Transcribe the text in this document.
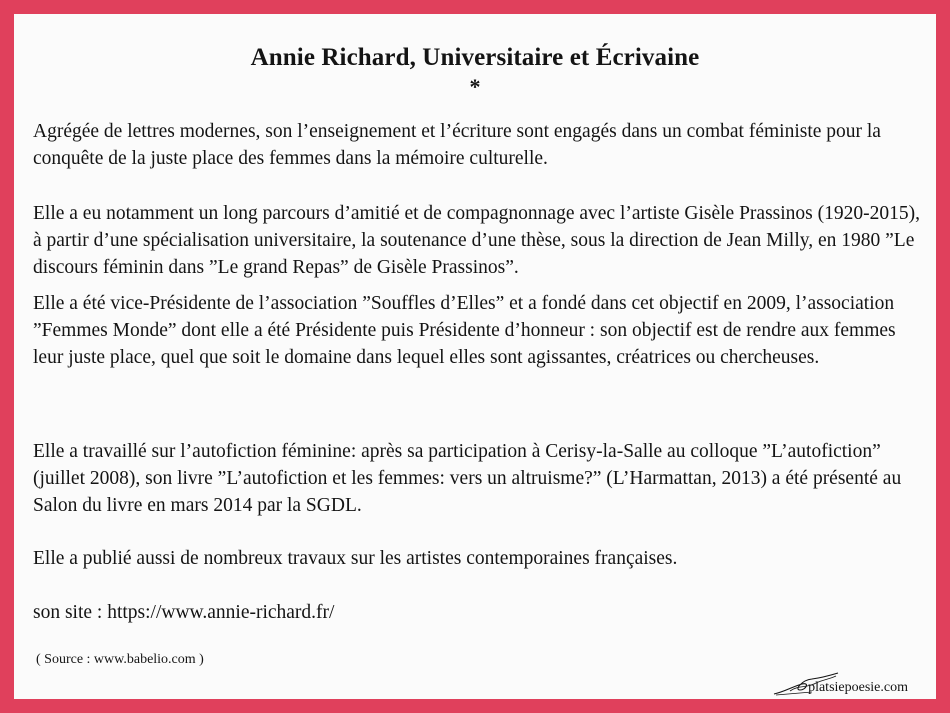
Annie Richard, Universitaire et Écrivaine
*

Agrégée de lettres modernes, son l’enseignement et l’écriture sont engagés dans un combat féministe pour la conquête de la juste place des femmes dans la mémoire culturelle.

Elle a eu notamment un long parcours d’amitié et de compagnonnage avec l’artiste Gisèle Prassinos (1920-2015), à partir d’une spécialisation universitaire, la soutenance d’une thèse, sous la direction de Jean Milly, en 1980 ”Le discours féminin dans ”Le grand Repas” de Gisèle Prassinos”.

Elle a été vice-Présidente de l’association ”Souffles d’Elles” et a fondé dans cet objectif en 2009, l’association ”Femmes Monde” dont elle a été Présidente puis Présidente d’honneur : son objectif est de rendre aux femmes leur juste place, quel que soit le domaine dans lequel elles sont agissantes, créatrices ou chercheuses.

Elle a travaillé sur l’autofiction féminine: après sa participation à Cerisy-la-Salle au colloque ”L’autofiction” (juillet 2008), son livre ”L’autofiction et les femmes: vers un altruisme?” (L’Harmattan, 2013) a été présenté au Salon du livre en mars 2014 par la SGDL.

Elle a publié aussi de nombreux travaux sur les artistes contemporaines françaises.

son site : https://www.annie-richard.fr/

( Source : www.babelio.com )
platsiepoesie.com
